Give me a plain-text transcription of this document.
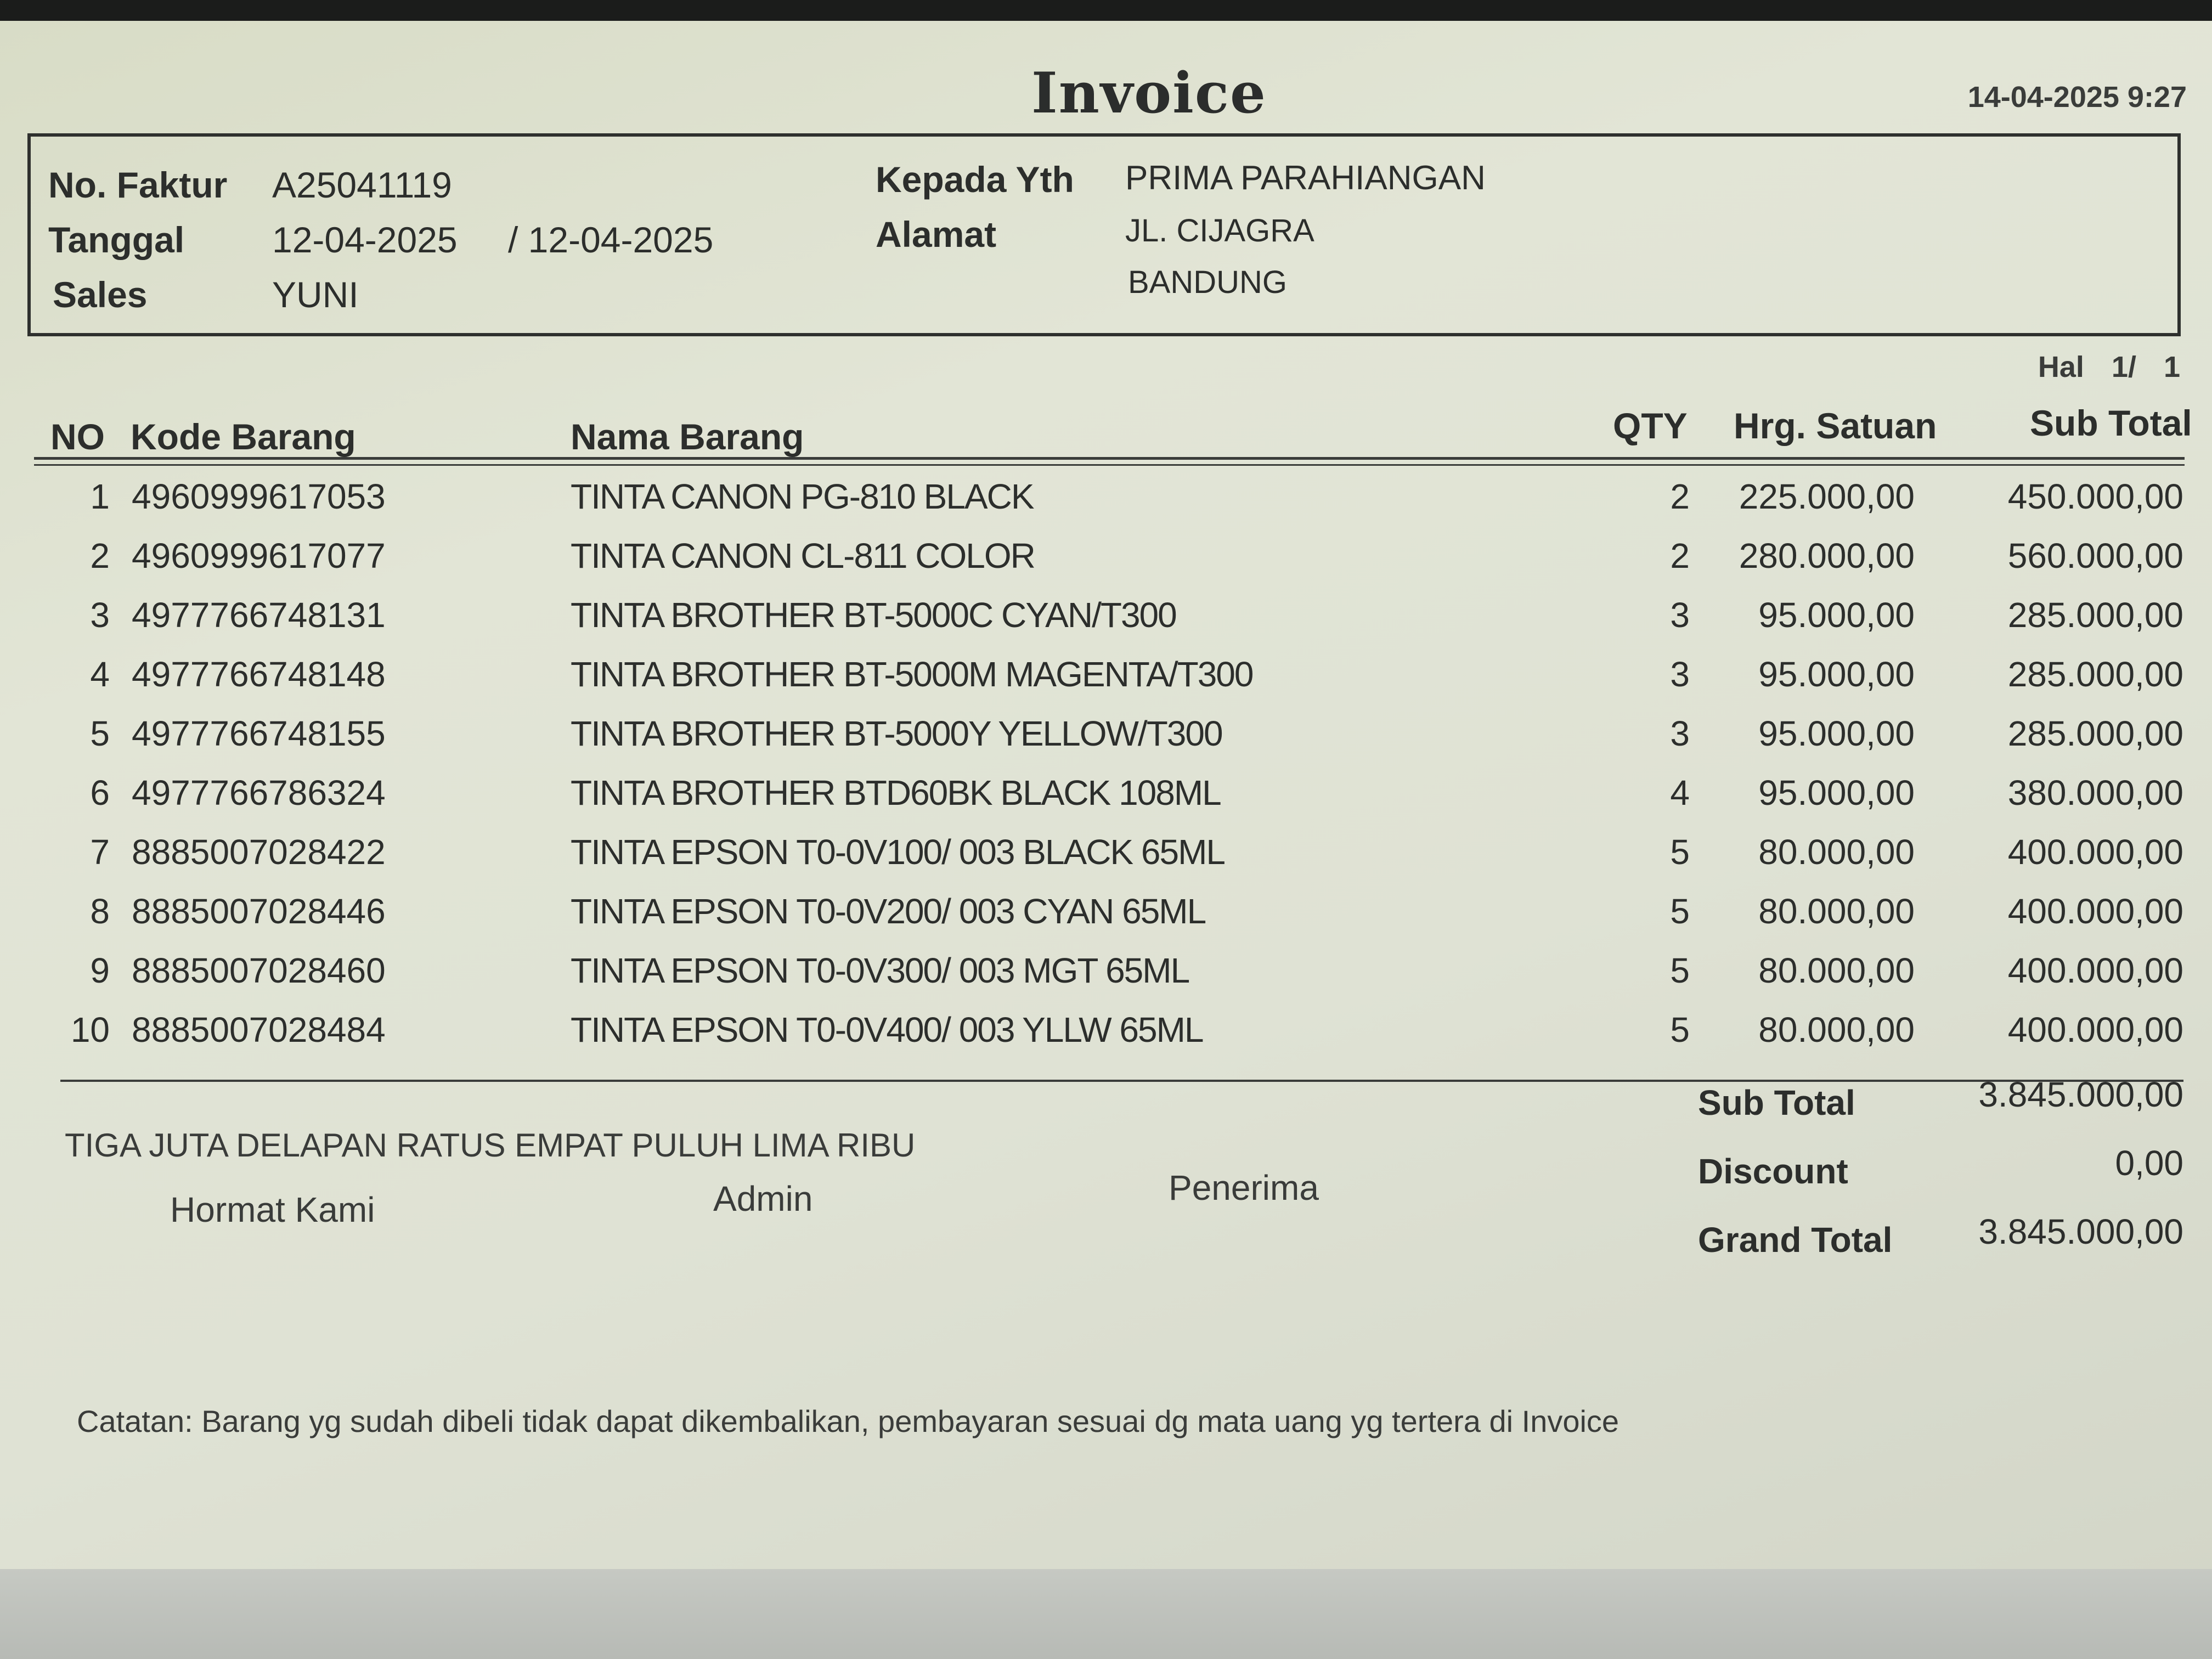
Invoice	14-04-2025 9:27
No. Faktur A25041119
Tanggal 12-04-2025 / 12-04-2025
Sales	YUNI
Kepada Yth PRIMA PARAHIANGAN
Alamat	JL. CIJAGRA
BANDUNG
Hal 1/ 1
NO Kode Barang	Nama Barang	QTY Hrg. Satuan	Sub Total
1 4960999617053	TINTA CANON PG-810 BLACK	2	225.000,00	450.000,00
2 4960999617077	TINTA CANON CL-811 COLOR	2	280.000,00	560.000,00
3 4977766748131	TINTA BROTHER BT-5000C CYAN/T300	3	95.000,00	285.000,00
4 4977766748148	TINTA BROTHER BT-5000M MAGENTA/T300	3	95.000,00	285.000,00
5 4977766748155	TINTA BROTHER BT-5000Y YELLOW/T300	3	95.000,00	285.000,00
6 4977766786324	TINTA BROTHER BTD60BK BLACK 108ML	4	95.000,00	380.000,00
7 8885007028422	TINTA EPSON T0-0V100/ 003 BLACK 65ML	5	80.000,00	400.000,00
8 8885007028446	TINTA EPSON T0-0V200/ 003 CYAN 65ML	5	80.000,00	400.000,00
9 8885007028460	TINTA EPSON T0-0V300/ 003 MGT 65ML	5	80.000,00	400.000,00
10 8885007028484	TINTA EPSON T0-0V400/ 003 YLLW 65ML	5	80.000,00	400.000,00
TIGA JUTA DELAPAN RATUS EMPAT PULUH LIMA RIBU
Hormat Kami	Admin	Penerima
Sub Total	3.845.000,00
Discount	0,00
Grand Total	3.845.000,00
Catatan: Barang yg sudah dibeli tidak dapat dikembalikan, pembayaran sesuai dg mata uang yg tertera di Invoice
